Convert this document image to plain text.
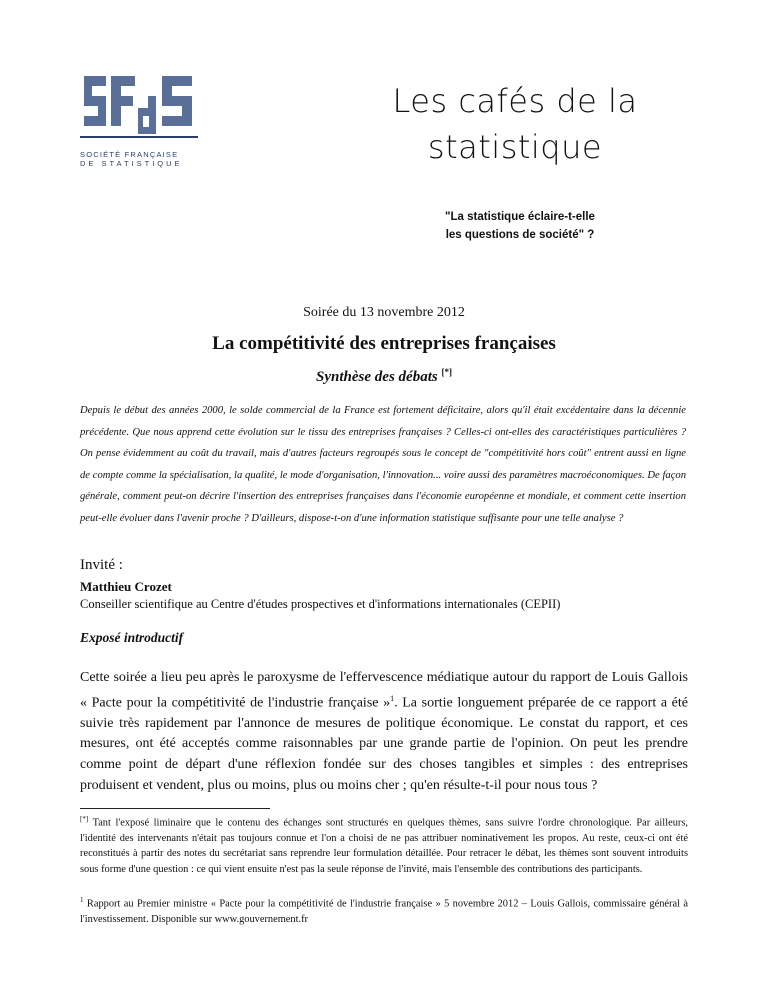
SOCIÉTÉ FRANÇAISE
DE STATISTIQUE
Les cafés de la
statistique
"La statistique éclaire-t-elle
les questions de société" ?
Soirée du 13 novembre 2012
La compétitivité des entreprises françaises
Synthèse des débats [*]

Depuis le début des années 2000, le solde commercial de la France est fortement déficitaire, alors qu'il était excédentaire dans la décennie précédente. Que nous apprend cette évolution sur le tissu des entreprises françaises ? Celles-ci ont-elles des caractéristiques particulières ? On pense évidemment au coût du travail, mais d'autres facteurs regroupés sous le concept de "compétitivité hors coût" entrent aussi en ligne de compte comme la spécialisation, la qualité, le mode d'organisation, l'innovation... voire aussi des paramètres macroéconomiques. De façon générale, comment peut-on décrire l'insertion des entreprises françaises dans l'économie européenne et mondiale, et comment cette insertion peut-elle évoluer dans l'avenir proche ? D'ailleurs, dispose-t-on d'une information statistique suffisante pour une telle analyse ?

Invité :
Matthieu Crozet
Conseiller scientifique au Centre d'études prospectives et d'informations internationales (CEPII)
Exposé introductif

Cette soirée a lieu peu après le paroxysme de l'effervescence médiatique autour du rapport de Louis Gallois « Pacte pour la compétitivité de l'industrie française »$^1$. La sortie longuement préparée de ce rapport a été suivie très rapidement par l'annonce de mesures de politique économique. Le constat du rapport, et ces mesures, ont été acceptés comme raisonnables par une grande partie de l'opinion. On peut les prendre comme point de départ d'une réflexion fondée sur des choses tangibles et simples : des entreprises produisent et vendent, plus ou moins, plus ou moins cher ; qu'en résulte-t-il pour nous tous ?

[*] Tant l'exposé liminaire que le contenu des échanges sont structurés en quelques thèmes, sans suivre l'ordre chronologique. Par ailleurs, l'identité des intervenants n'était pas toujours connue et l'on a choisi de ne pas attribuer nominativement les propos. Au reste, ceux-ci ont été reconstitués à partir des notes du secrétariat sans reprendre leur formulation détaillée. Pour retracer le débat, les thèmes sont souvent introduits sous forme d'une question : ce qui vient ensuite n'est pas la seule réponse de l'invité, mais l'ensemble des contributions des participants.

$^1$ Rapport au Premier ministre « Pacte pour la compétitivité de l'industrie française » 5 novembre 2012 – Louis Gallois, commissaire général à l'investissement. Disponible sur www.gouvernement.fr
